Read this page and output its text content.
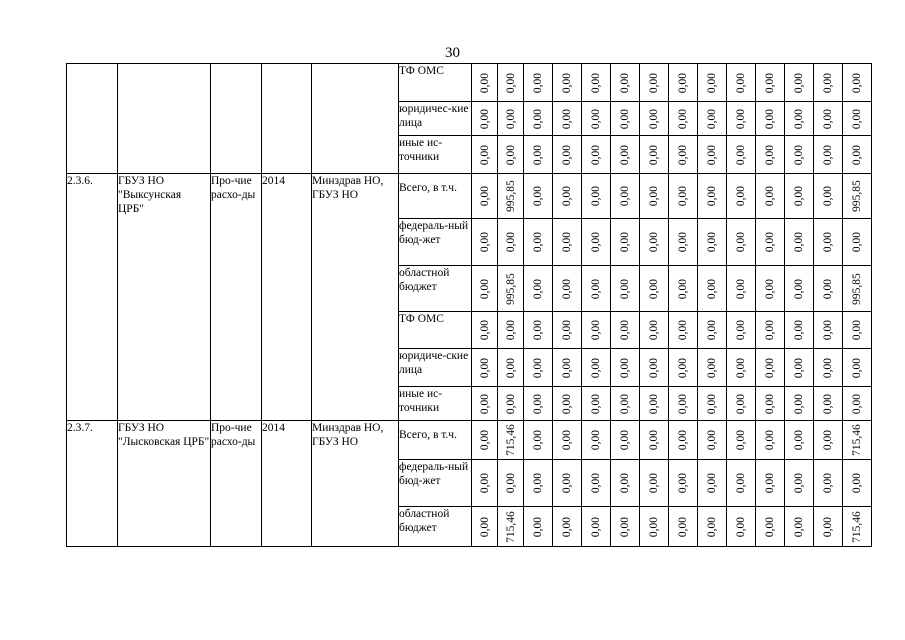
30
					ТФ ОМС	0,00	0,00	0,00	0,00	0,00	0,00	0,00	0,00	0,00	0,00	0,00	0,00	0,00	0,00

					юридичес-кие лица	0,00	0,00	0,00	0,00	0,00	0,00	0,00	0,00	0,00	0,00	0,00	0,00	0,00	0,00

					иные ис-точники	0,00	0,00	0,00	0,00	0,00	0,00	0,00	0,00	0,00	0,00	0,00	0,00	0,00	0,00

2.3.6.	ГБУЗ НО "Выксунская ЦРБ"	Про-чие расхо-ды	2014	Минздрав НО, ГБУЗ НО	Всего, в т.ч.	0,00	995,85	0,00	0,00	0,00	0,00	0,00	0,00	0,00	0,00	0,00	0,00	0,00	995,85

					федераль-ный бюд-жет	0,00	0,00	0,00	0,00	0,00	0,00	0,00	0,00	0,00	0,00	0,00	0,00	0,00	0,00

					областной бюджет	0,00	995,85	0,00	0,00	0,00	0,00	0,00	0,00	0,00	0,00	0,00	0,00	0,00	995,85

					ТФ ОМС	0,00	0,00	0,00	0,00	0,00	0,00	0,00	0,00	0,00	0,00	0,00	0,00	0,00	0,00

					юридиче-ские лица	0,00	0,00	0,00	0,00	0,00	0,00	0,00	0,00	0,00	0,00	0,00	0,00	0,00	0,00

					иные ис-точники	0,00	0,00	0,00	0,00	0,00	0,00	0,00	0,00	0,00	0,00	0,00	0,00	0,00	0,00

2.3.7.	ГБУЗ НО "Лысковская ЦРБ"	Про-чие расхо-ды	2014	Минздрав НО, ГБУЗ НО	Всего, в т.ч.	0,00	715,46	0,00	0,00	0,00	0,00	0,00	0,00	0,00	0,00	0,00	0,00	0,00	715,46

					федераль-ный бюд-жет	0,00	0,00	0,00	0,00	0,00	0,00	0,00	0,00	0,00	0,00	0,00	0,00	0,00	0,00

					областной бюджет	0,00	715,46	0,00	0,00	0,00	0,00	0,00	0,00	0,00	0,00	0,00	0,00	0,00	715,46
